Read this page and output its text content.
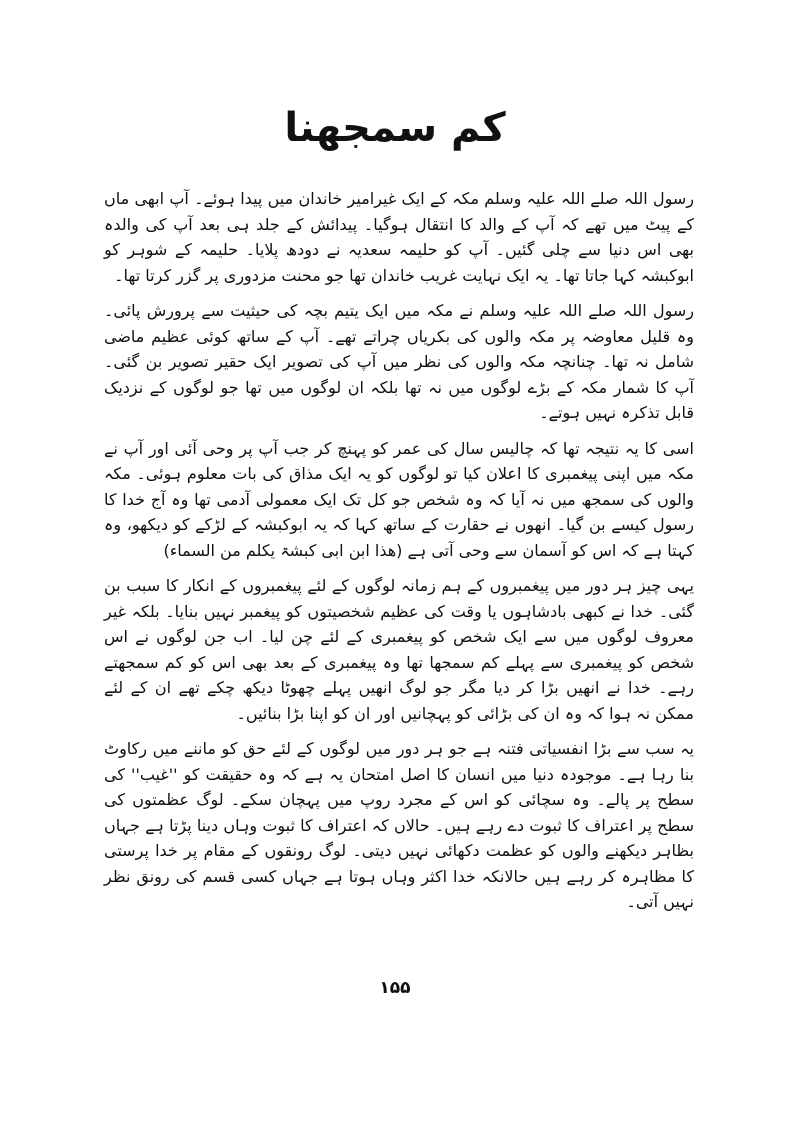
کم سمجھنا

رسول اللہ صلے اللہ علیہ وسلم مکہ کے ایک غیرامیر خاندان میں پیدا ہوئے۔ آپ ابھی ماں کے پیٹ میں تھے کہ آپ کے والد کا انتقال ہوگیا۔ پیدائش کے جلد ہی بعد آپ کی والدہ بھی اس دنیا سے چلی گئیں۔ آپ کو حلیمہ سعدیہ نے دودھ پلایا۔ حلیمہ کے شوہر کو ابوکبشہ کہا جاتا تھا۔ یہ ایک نہایت غریب خاندان تھا جو محنت مزدوری پر گزر کرتا تھا۔

رسول اللہ صلے اللہ علیہ وسلم نے مکہ میں ایک یتیم بچہ کی حیثیت سے پرورش پائی۔ وہ قلیل معاوضہ پر مکہ والوں کی بکریاں چراتے تھے۔ آپ کے ساتھ کوئی عظیم ماضی شامل نہ تھا۔ چنانچہ مکہ والوں کی نظر میں آپ کی تصویر ایک حقیر تصویر بن گئی۔ آپ کا شمار مکہ کے بڑے لوگوں میں نہ تھا بلکہ ان لوگوں میں تھا جو لوگوں کے نزدیک قابل تذکرہ نہیں ہوتے۔

اسی کا یہ نتیجہ تھا کہ چالیس سال کی عمر کو پہنچ کر جب آپ پر وحی آئی اور آپ نے مکہ میں اپنی پیغمبری کا اعلان کیا تو لوگوں کو یہ ایک مذاق کی بات معلوم ہوئی۔ مکہ والوں کی سمجھ میں نہ آیا کہ وہ شخص جو کل تک ایک معمولی آدمی تھا وہ آج خدا کا رسول کیسے بن گیا۔ انھوں نے حقارت کے ساتھ کہا کہ یہ ابوکبشہ کے لڑکے کو دیکھو، وہ کہتا ہے کہ اس کو آسمان سے وحی آتی ہے (ھذا ابن ابی کبشۃ یکلم من السماء)

یہی چیز ہر دور میں پیغمبروں کے ہم زمانہ لوگوں کے لئے پیغمبروں کے انکار کا سبب بن گئی۔ خدا نے کبھی بادشاہوں یا وقت کی عظیم شخصیتوں کو پیغمبر نہیں بنایا۔ بلکہ غیر معروف لوگوں میں سے ایک شخص کو پیغمبری کے لئے چن لیا۔ اب جن لوگوں نے اس شخص کو پیغمبری سے پہلے کم سمجھا تھا وہ پیغمبری کے بعد بھی اس کو کم سمجھتے رہے۔ خدا نے انھیں بڑا کر دیا مگر جو لوگ انھیں پہلے چھوٹا دیکھ چکے تھے ان کے لئے ممکن نہ ہوا کہ وہ ان کی بڑائی کو پہچانیں اور ان کو اپنا بڑا بنائیں۔

یہ سب سے بڑا انفسیاتی فتنہ ہے جو ہر دور میں لوگوں کے لئے حق کو ماننے میں رکاوٹ بنا رہا ہے۔ موجودہ دنیا میں انسان کا اصل امتحان یہ ہے کہ وہ حقیقت کو ''غیب'' کی سطح پر پالے۔ وہ سچائی کو اس کے مجرد روپ میں پہچان سکے۔ لوگ عظمتوں کی سطح پر اعتراف کا ثبوت دے رہے ہیں۔ حالاں کہ اعتراف کا ثبوت وہاں دینا پڑتا ہے جہاں بظاہر دیکھنے والوں کو عظمت دکھائی نہیں دیتی۔ لوگ رونقوں کے مقام پر خدا پرستی کا مظاہرہ کر رہے ہیں حالانکہ خدا اکثر وہاں ہوتا ہے جہاں کسی قسم کی رونق نظر نہیں آتی۔

۱۵۵
